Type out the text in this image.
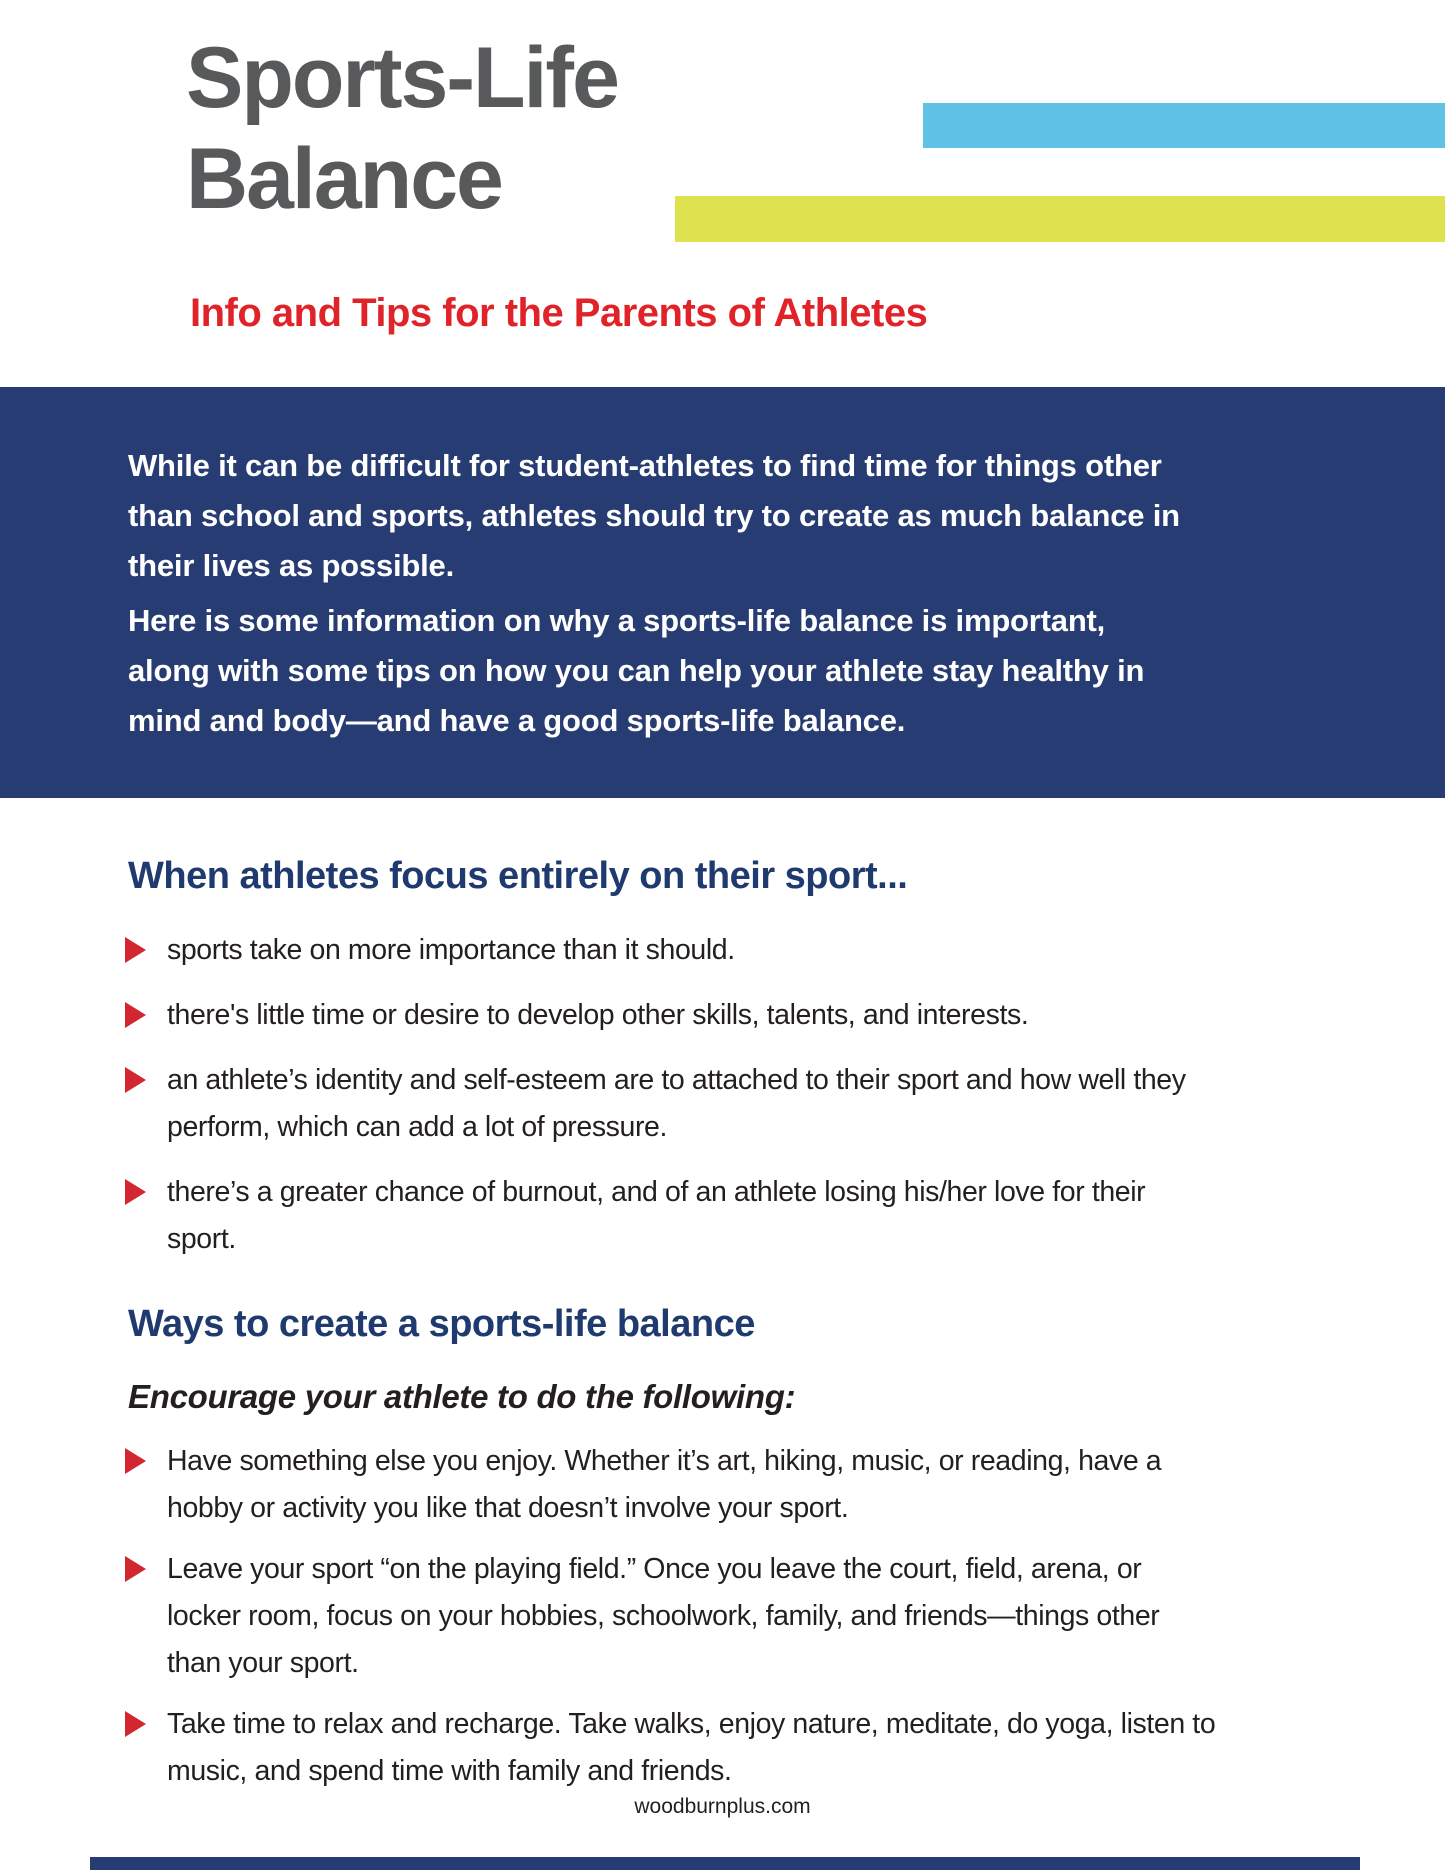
Sports-Life
Balance
Info and Tips for the Parents of Athletes

While it can be difficult for student-athletes to find time for things other
than school and sports, athletes should try to create as much balance in
their lives as possible.

Here is some information on why a sports-life balance is important,
along with some tips on how you can help your athlete stay healthy in
mind and body—and have a good sports-life balance.

When athletes focus entirely on their sport...
sports take on more importance than it should.
there's little time or desire to develop other skills, talents, and interests.
an athlete’s identity and self-esteem are to attached to their sport and how well they
perform, which can add a lot of pressure.
there’s a greater chance of burnout, and of an athlete losing his/her love for their
sport.
Ways to create a sports-life balance
Encourage your athlete to do the following:
Have something else you enjoy. Whether it’s art, hiking, music, or reading, have a
hobby or activity you like that doesn’t involve your sport.
Leave your sport “on the playing field.” Once you leave the court, field, arena, or
locker room, focus on your hobbies, schoolwork, family, and friends—things other
than your sport.
Take time to relax and recharge. Take walks, enjoy nature, meditate, do yoga, listen to
music, and spend time with family and friends.
woodburnplus.com
